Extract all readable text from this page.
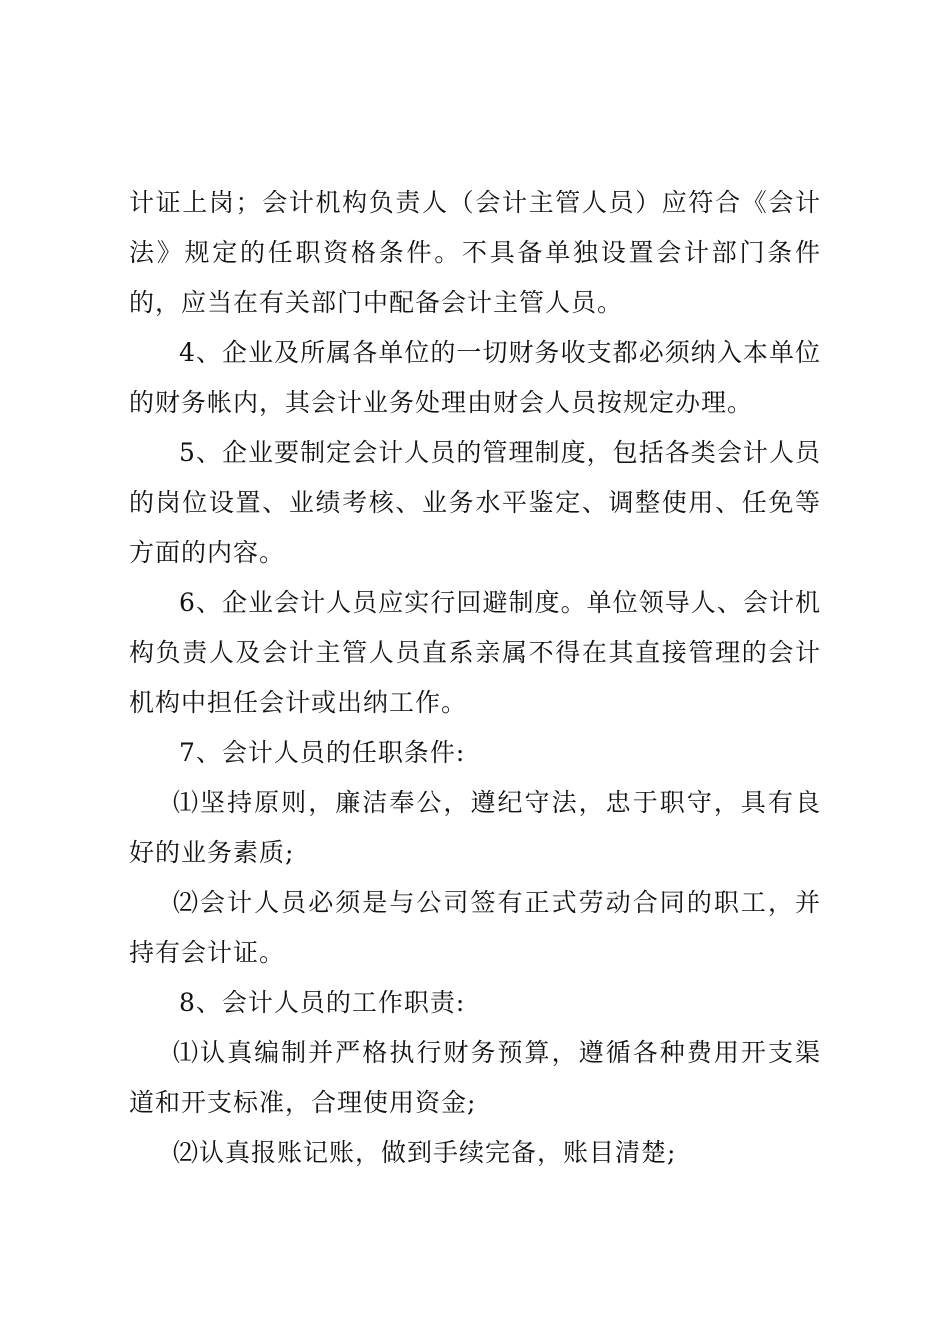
计证上岗；会计机构负责人（会计主管人员）应符合《会计法》规定的任职资格条件。不具备单独设置会计部门条件的，应当在有关部门中配备会计主管人员。

4、企业及所属各单位的一切财务收支都必须纳入本单位的财务帐内，其会计业务处理由财会人员按规定办理。

5、企业要制定会计人员的管理制度，包括各类会计人员的岗位设置、业绩考核、业务水平鉴定、调整使用、任免等方面的内容。

6、企业会计人员应实行回避制度。单位领导人、会计机构负责人及会计主管人员直系亲属不得在其直接管理的会计机构中担任会计或出纳工作。

7、会计人员的任职条件:

⑴坚持原则，廉洁奉公，遵纪守法，忠于职守，具有良好的业务素质;

⑵会计人员必须是与公司签有正式劳动合同的职工，并持有会计证。

8、会计人员的工作职责:

⑴认真编制并严格执行财务预算，遵循各种费用开支渠道和开支标准，合理使用资金;

⑵认真报账记账，做到手续完备，账目清楚;
